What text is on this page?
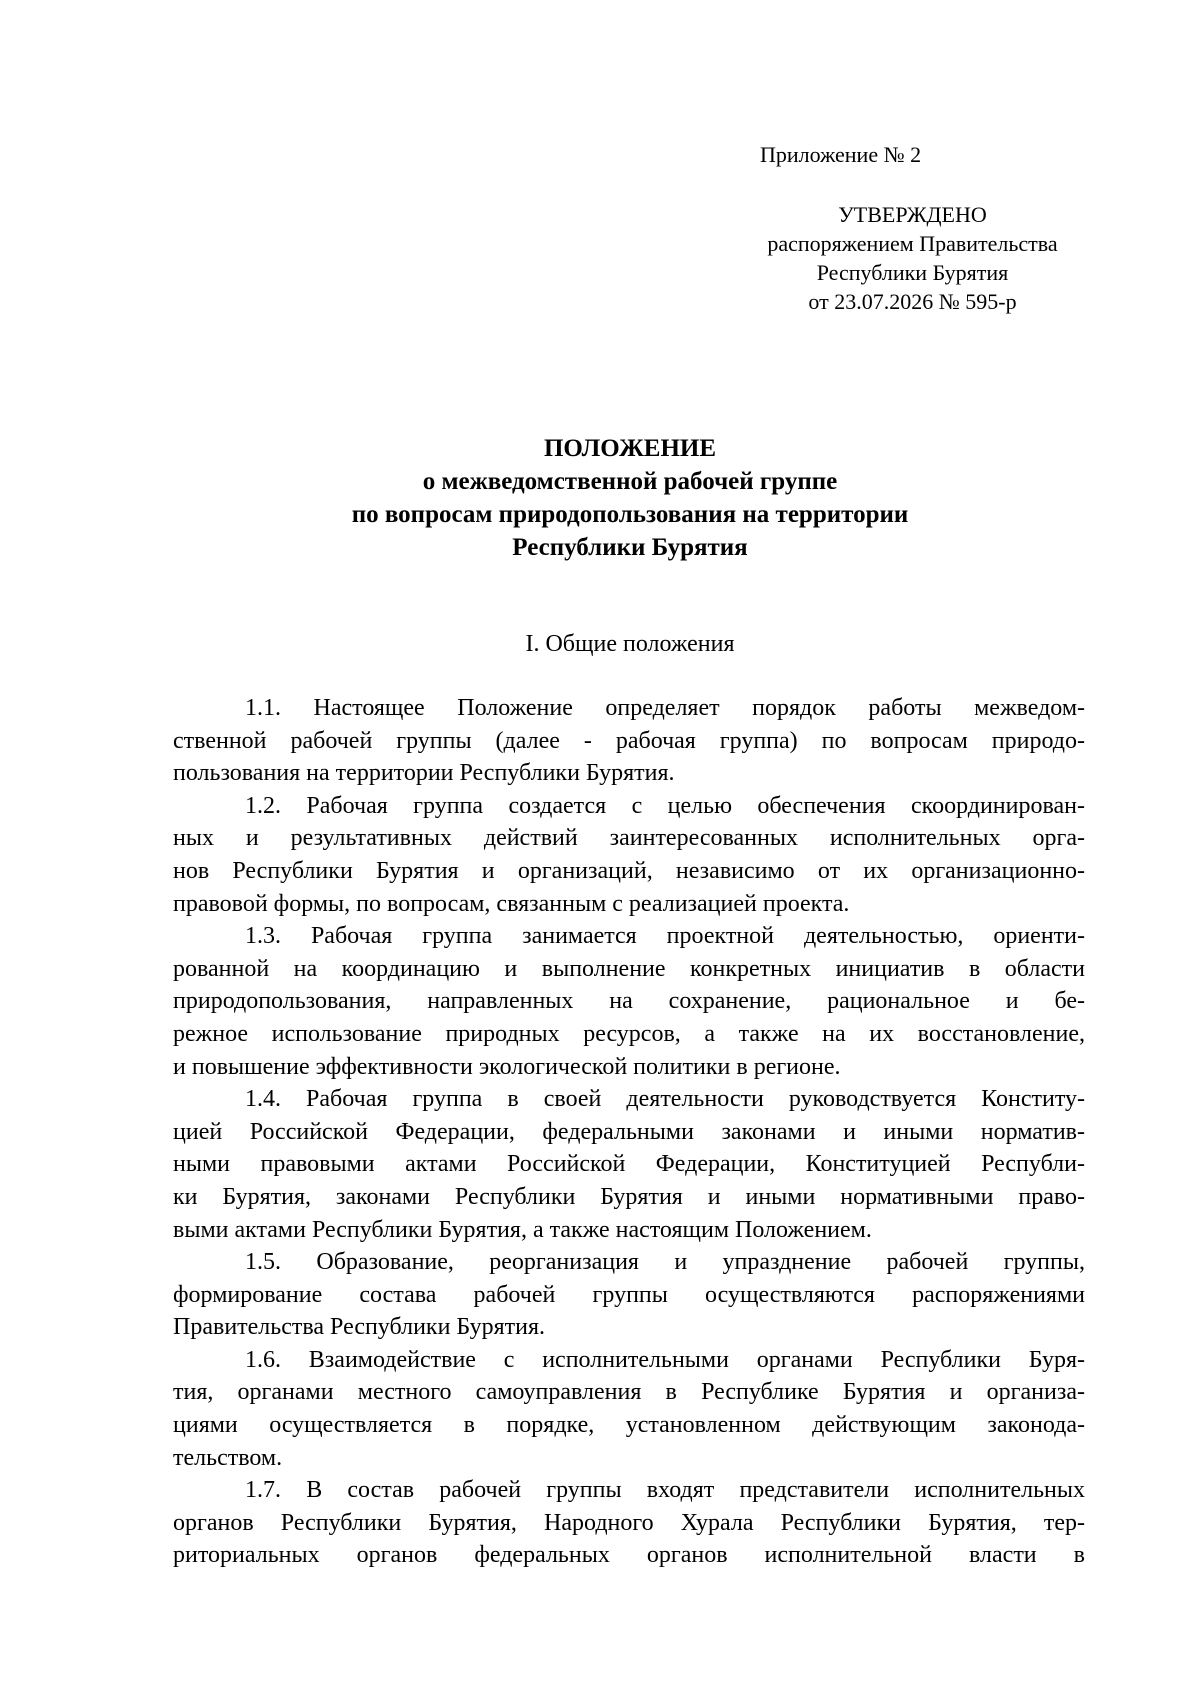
Приложение № 2

УТВЕРЖДЕНО
распоряжением Правительства
Республики Бурятия
от 23.07.2026 № 595-р
ПОЛОЖЕНИЕ
о межведомственной рабочей группе
по вопросам природопользования на территории
Республики Бурятия
I. Общие положения
1.1. Настоящее Положение определяет порядок работы межведом-
ственной рабочей группы (далее - рабочая группа) по вопросам природо-
пользования на территории Республики Бурятия.
1.2. Рабочая группа создается с целью обеспечения скоординирован-
ных и результативных действий заинтересованных исполнительных орга-
нов Республики Бурятия и организаций, независимо от их организационно-
правовой формы, по вопросам, связанным с реализацией проекта.
1.3. Рабочая группа занимается проектной деятельностью, ориенти-
рованной на координацию и выполнение конкретных инициатив в области
природопользования, направленных на сохранение, рациональное и бе-
режное использование природных ресурсов, а также на их восстановление,
и повышение эффективности экологической политики в регионе.
1.4. Рабочая группа в своей деятельности руководствуется Конститу-
цией Российской Федерации, федеральными законами и иными норматив-
ными правовыми актами Российской Федерации, Конституцией Республи-
ки Бурятия, законами Республики Бурятия и иными нормативными право-
выми актами Республики Бурятия, а также настоящим Положением.
1.5. Образование, реорганизация и упразднение рабочей группы,
формирование состава рабочей группы осуществляются распоряжениями
Правительства Республики Бурятия.
1.6. Взаимодействие с исполнительными органами Республики Буря-
тия, органами местного самоуправления в Республике Бурятия и организа-
циями осуществляется в порядке, установленном действующим законода-
тельством.
1.7. В состав рабочей группы входят представители исполнительных
органов Республики Бурятия, Народного Хурала Республики Бурятия, тер-
риториальных органов федеральных органов исполнительной власти в
